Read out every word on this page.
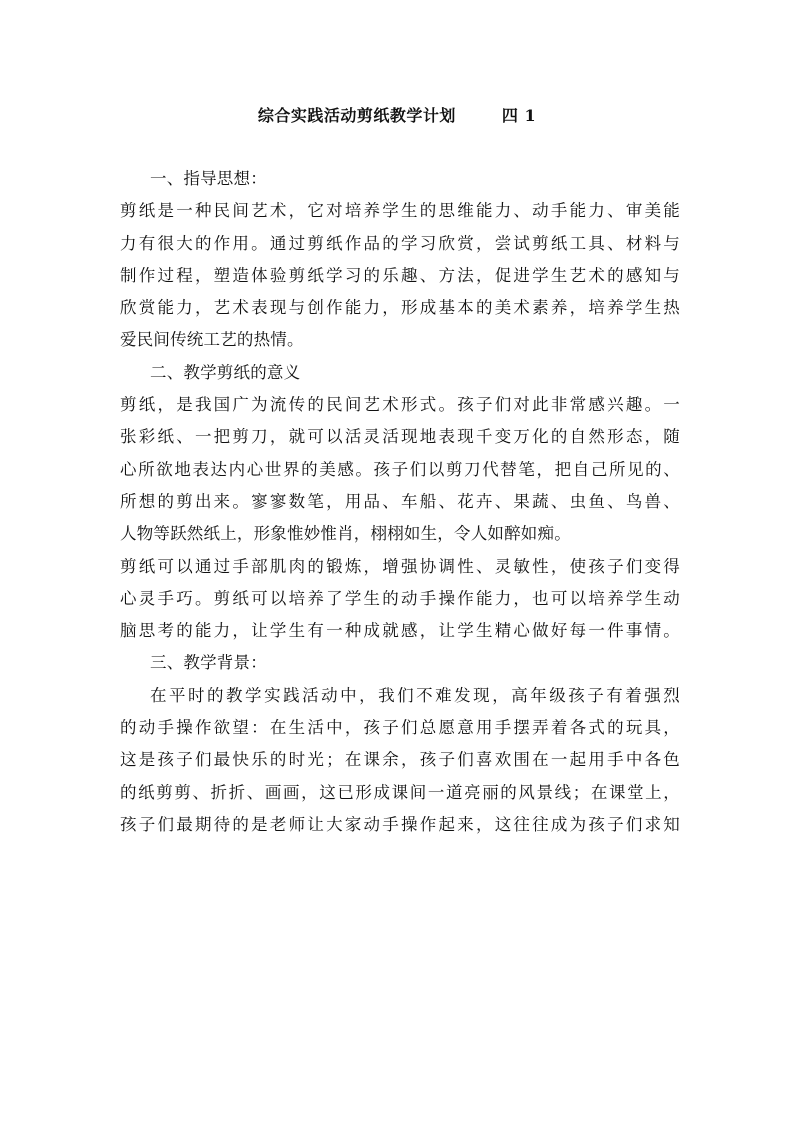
综合实践活动剪纸教学计划	四 1
一、指导思想：
剪纸是一种民间艺术，它对培养学生的思维能力、动手能力、审美能
力有很大的作用。通过剪纸作品的学习欣赏，尝试剪纸工具、材料与
制作过程，塑造体验剪纸学习的乐趣、方法，促进学生艺术的感知与
欣赏能力，艺术表现与创作能力，形成基本的美术素养，培养学生热
爱民间传统工艺的热情。
二、教学剪纸的意义
剪纸，是我国广为流传的民间艺术形式。孩子们对此非常感兴趣。一
张彩纸、一把剪刀，就可以活灵活现地表现千变万化的自然形态，随
心所欲地表达内心世界的美感。孩子们以剪刀代替笔，把自己所见的、
所想的剪出来。寥寥数笔，用品、车船、花卉、果蔬、虫鱼、鸟兽、
人物等跃然纸上，形象惟妙惟肖，栩栩如生，令人如醉如痴。
剪纸可以通过手部肌肉的锻炼，增强协调性、灵敏性，使孩子们变得
心灵手巧。剪纸可以培养了学生的动手操作能力，也可以培养学生动
脑思考的能力，让学生有一种成就感，让学生精心做好每一件事情。
三、教学背景：
在平时的教学实践活动中，我们不难发现，高年级孩子有着强烈
的动手操作欲望：在生活中，孩子们总愿意用手摆弄着各式的玩具，
这是孩子们最快乐的时光；在课余，孩子们喜欢围在一起用手中各色
的纸剪剪、折折、画画，这已形成课间一道亮丽的风景线；在课堂上，
孩子们最期待的是老师让大家动手操作起来，这往往成为孩子们求知
